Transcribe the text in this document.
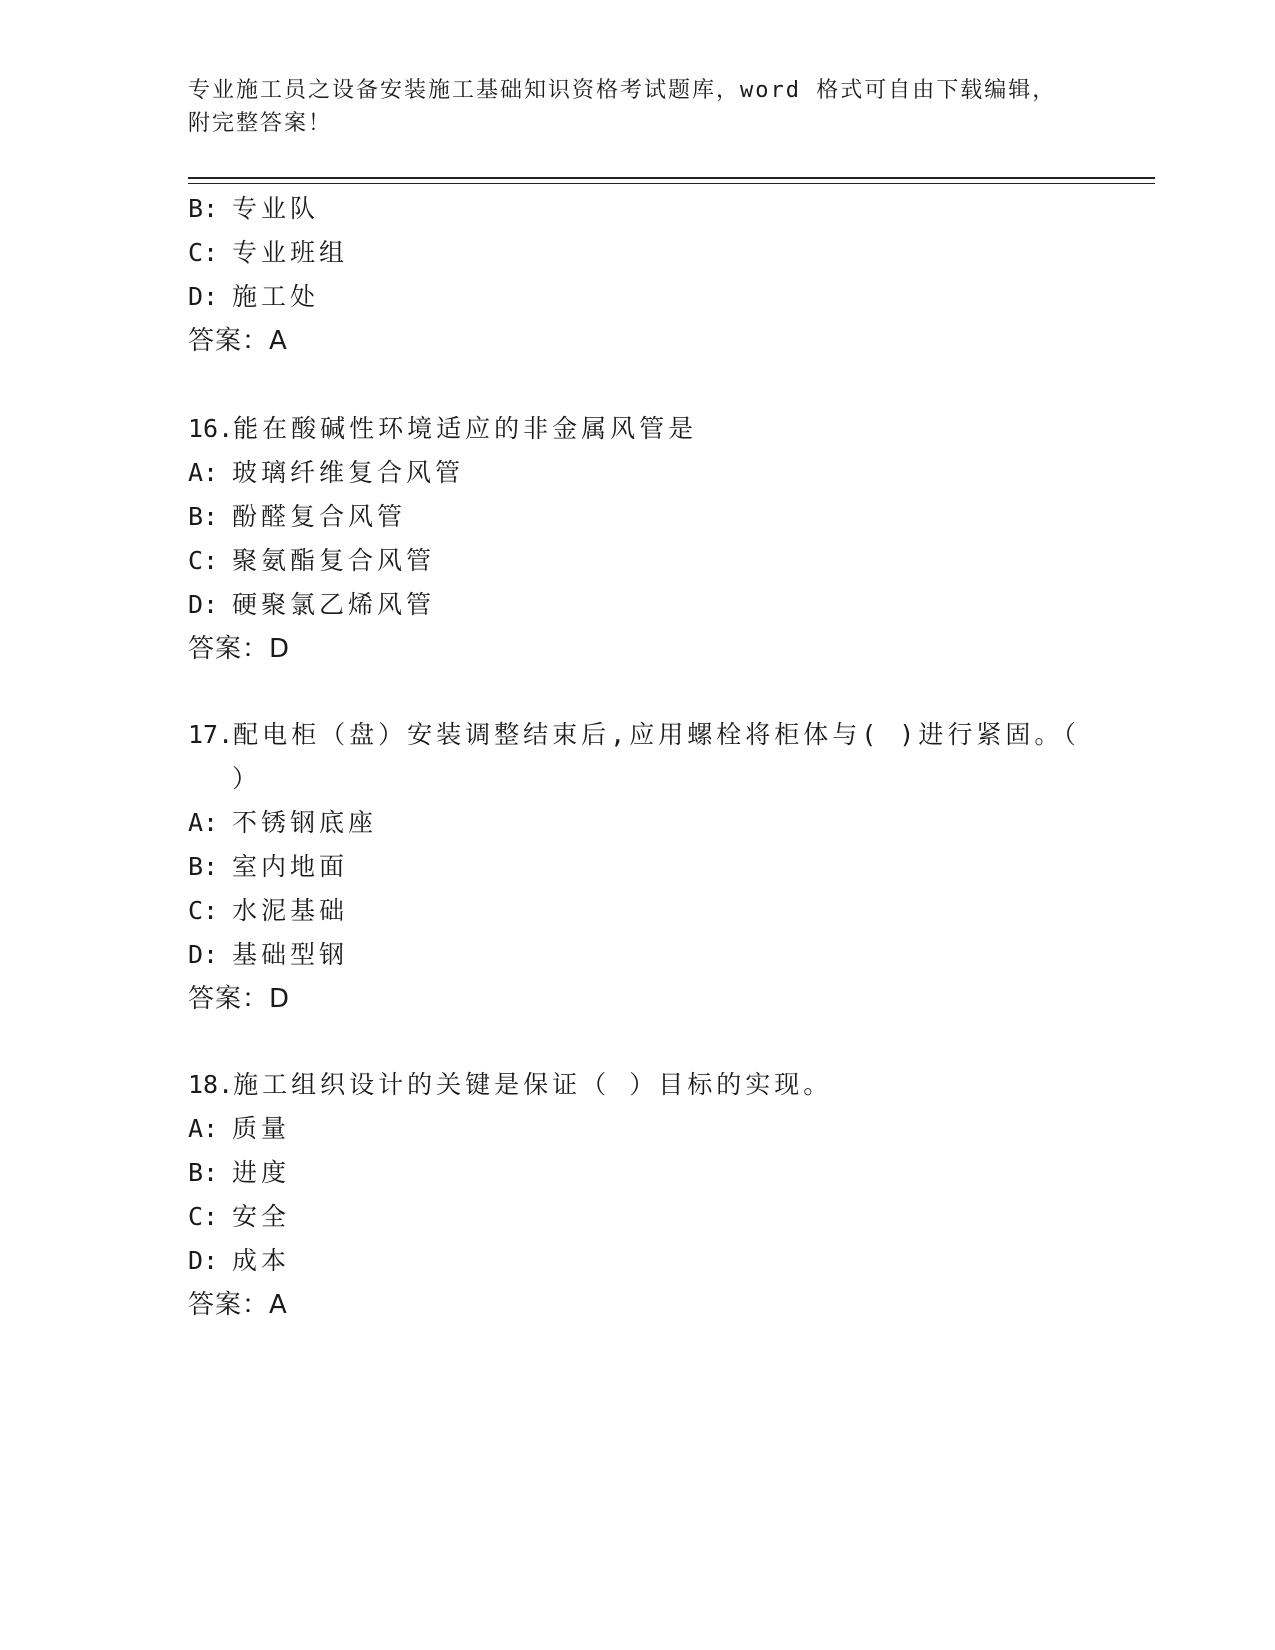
专业施工员之设备安装施工基础知识资格考试题库，word 格式可自由下载编辑，
附完整答案！
B: 专业队
C: 专业班组
D: 施工处
答案：A
16.能在酸碱性环境适应的非金属风管是
A: 玻璃纤维复合风管
B: 酚醛复合风管
C: 聚氨酯复合风管
D: 硬聚氯乙烯风管
答案：D
17.配电柜（盘）安装调整结束后,应用螺栓将柜体与( )进行紧固。（
）
A: 不锈钢底座
B: 室内地面
C: 水泥基础
D: 基础型钢
答案：D
18.施工组织设计的关键是保证（ ）目标的实现。
A: 质量
B: 进度
C: 安全
D: 成本
答案：A
